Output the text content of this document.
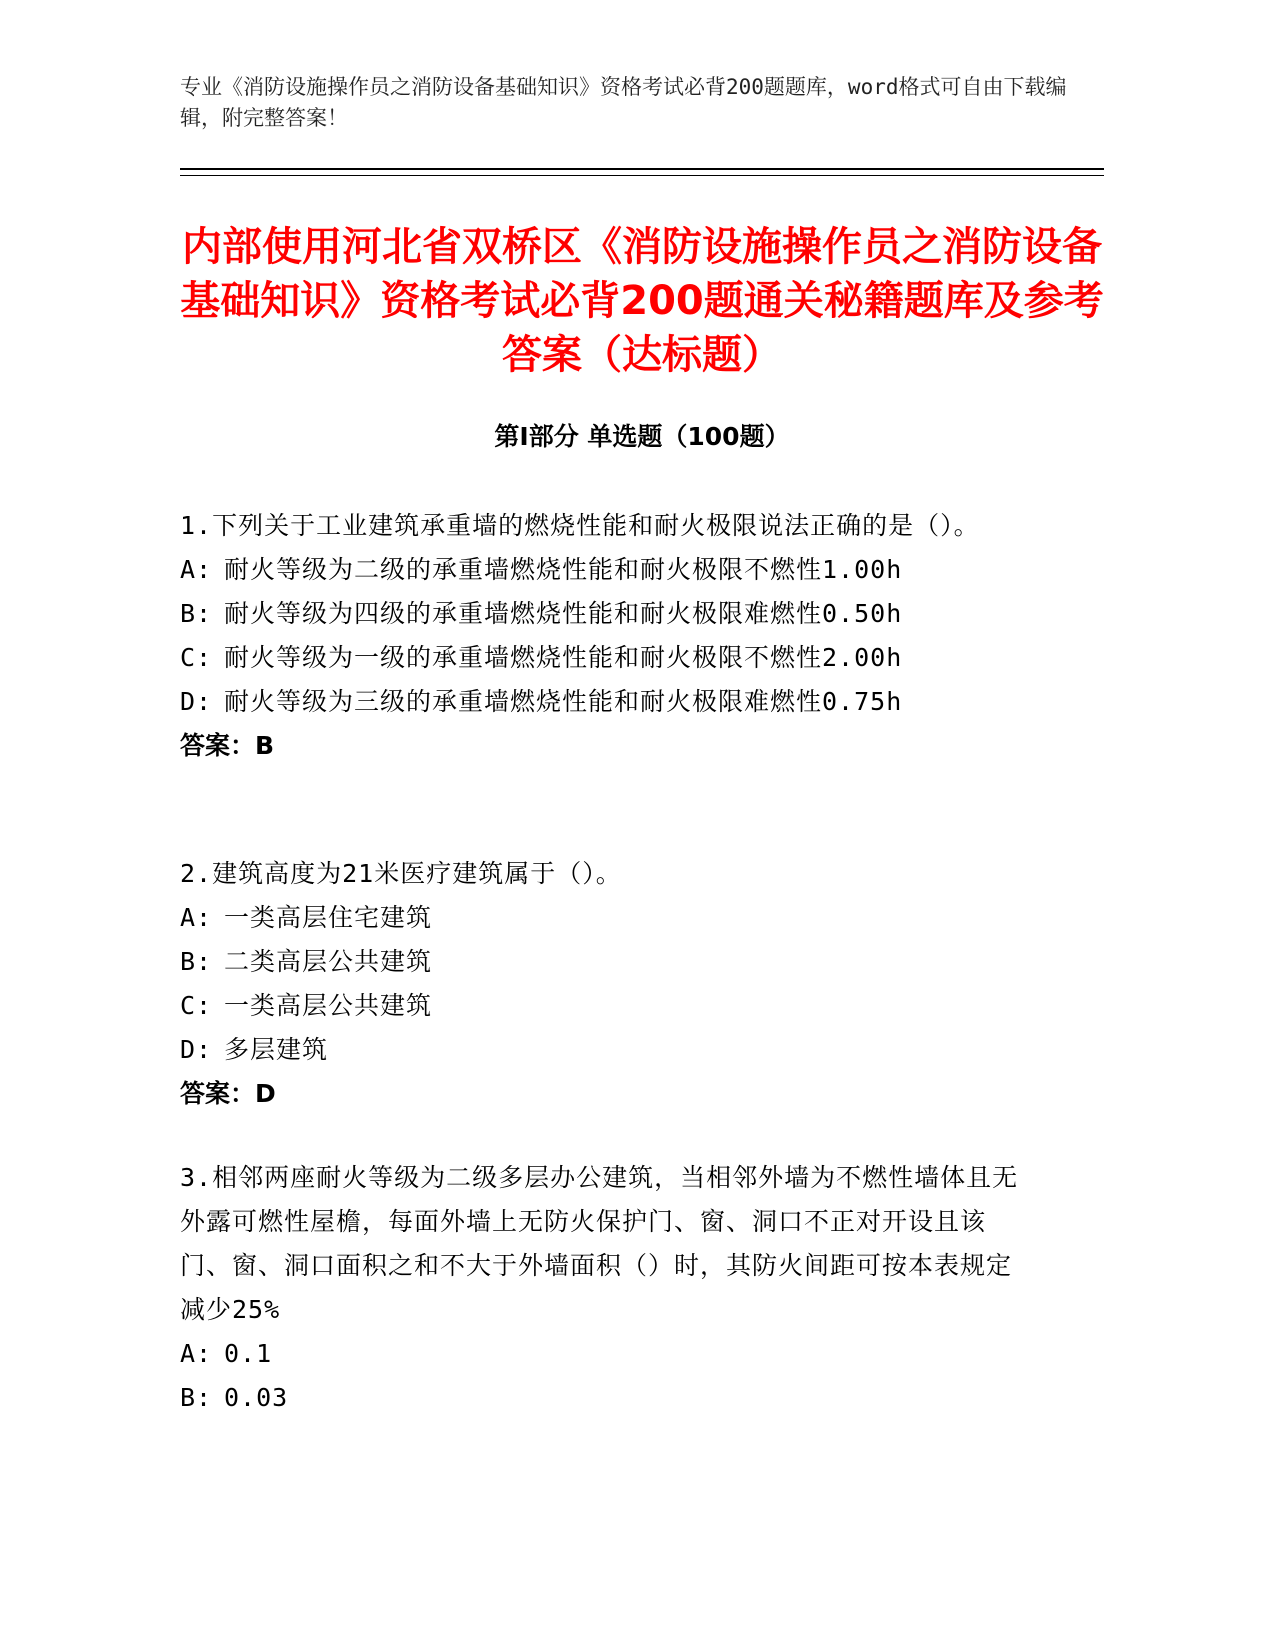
专业《消防设施操作员之消防设备基础知识》资格考试必背200题题库，word格式可自由下载编辑，附完整答案！
内部使用河北省双桥区《消防设施操作员之消防设备基础知识》资格考试必背200题通关秘籍题库及参考答案（达标题）
第Ⅰ部分 单选题（100题）
1.下列关于工业建筑承重墙的燃烧性能和耐火极限说法正确的是（）。
A: 耐火等级为二级的承重墙燃烧性能和耐火极限不燃性1.00h
B: 耐火等级为四级的承重墙燃烧性能和耐火极限难燃性0.50h
C: 耐火等级为一级的承重墙燃烧性能和耐火极限不燃性2.00h
D: 耐火等级为三级的承重墙燃烧性能和耐火极限难燃性0.75h
答案：B
2.建筑高度为21米医疗建筑属于（）。
A: 一类高层住宅建筑
B: 二类高层公共建筑
C: 一类高层公共建筑
D: 多层建筑
答案：D
3.相邻两座耐火等级为二级多层办公建筑，当相邻外墙为不燃性墙体且无外露可燃性屋檐，每面外墙上无防火保护门、窗、洞口不正对开设且该门、窗、洞口面积之和不大于外墙面积（）时，其防火间距可按本表规定减少25%
A: 0.1
B: 0.03
